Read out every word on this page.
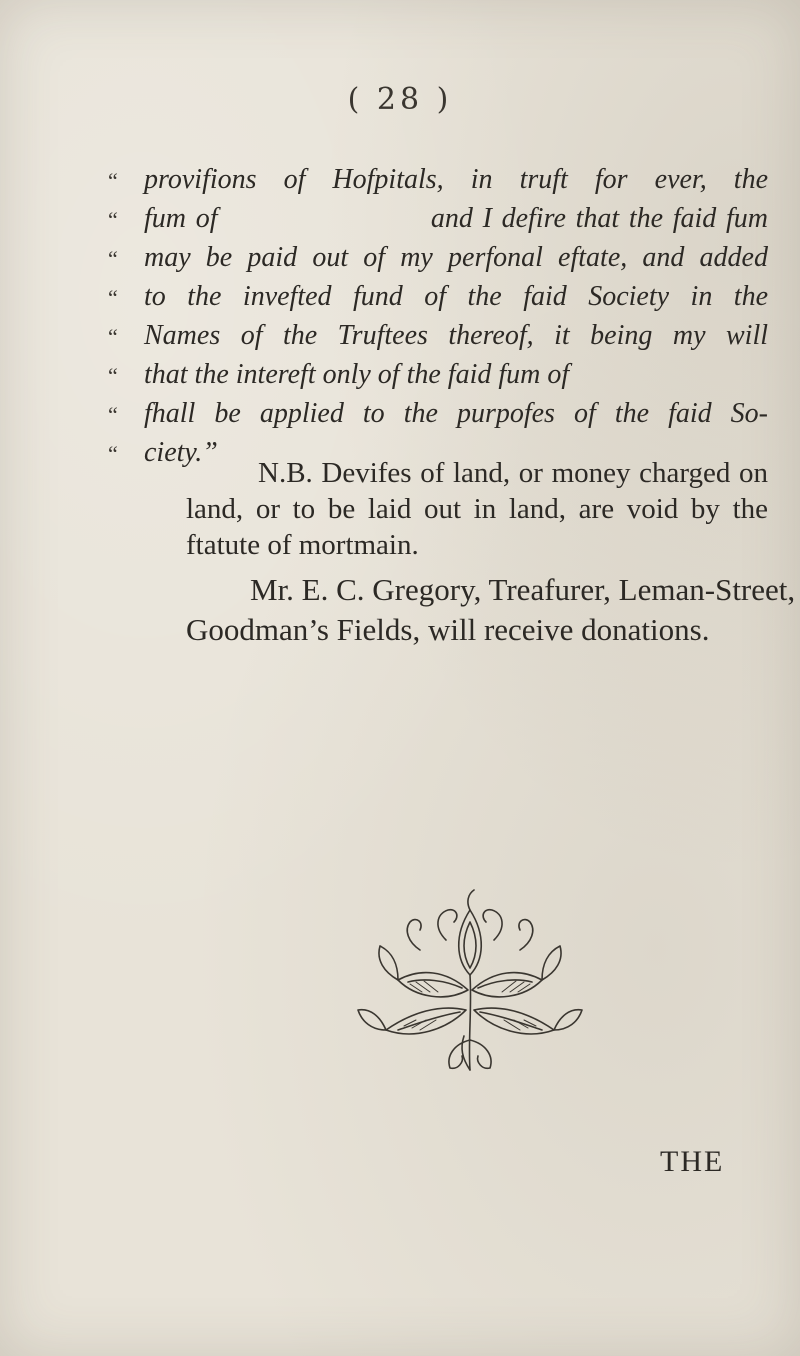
( 28 )
“ provifions of Hofpitals, in truft for ever, the
“ fum of                      and I defire that the faid fum
“ may be paid out of my perfonal eftate, and added
“ to the invefted fund of the faid Society in the
“ Names of the Truftees thereof, it being my will
“ that the intereft only of the faid fum of
“ fhall be applied to the purpofes of the faid So-
“ ciety.”
N.B. Devifes of land, or money charged on
land, or to be laid out in land, are void by the
ftatute of mortmain.
Mr. E. C. Gregory, Treafurer, Leman-Street,
Goodman’s Fields, will receive donations.
THE
